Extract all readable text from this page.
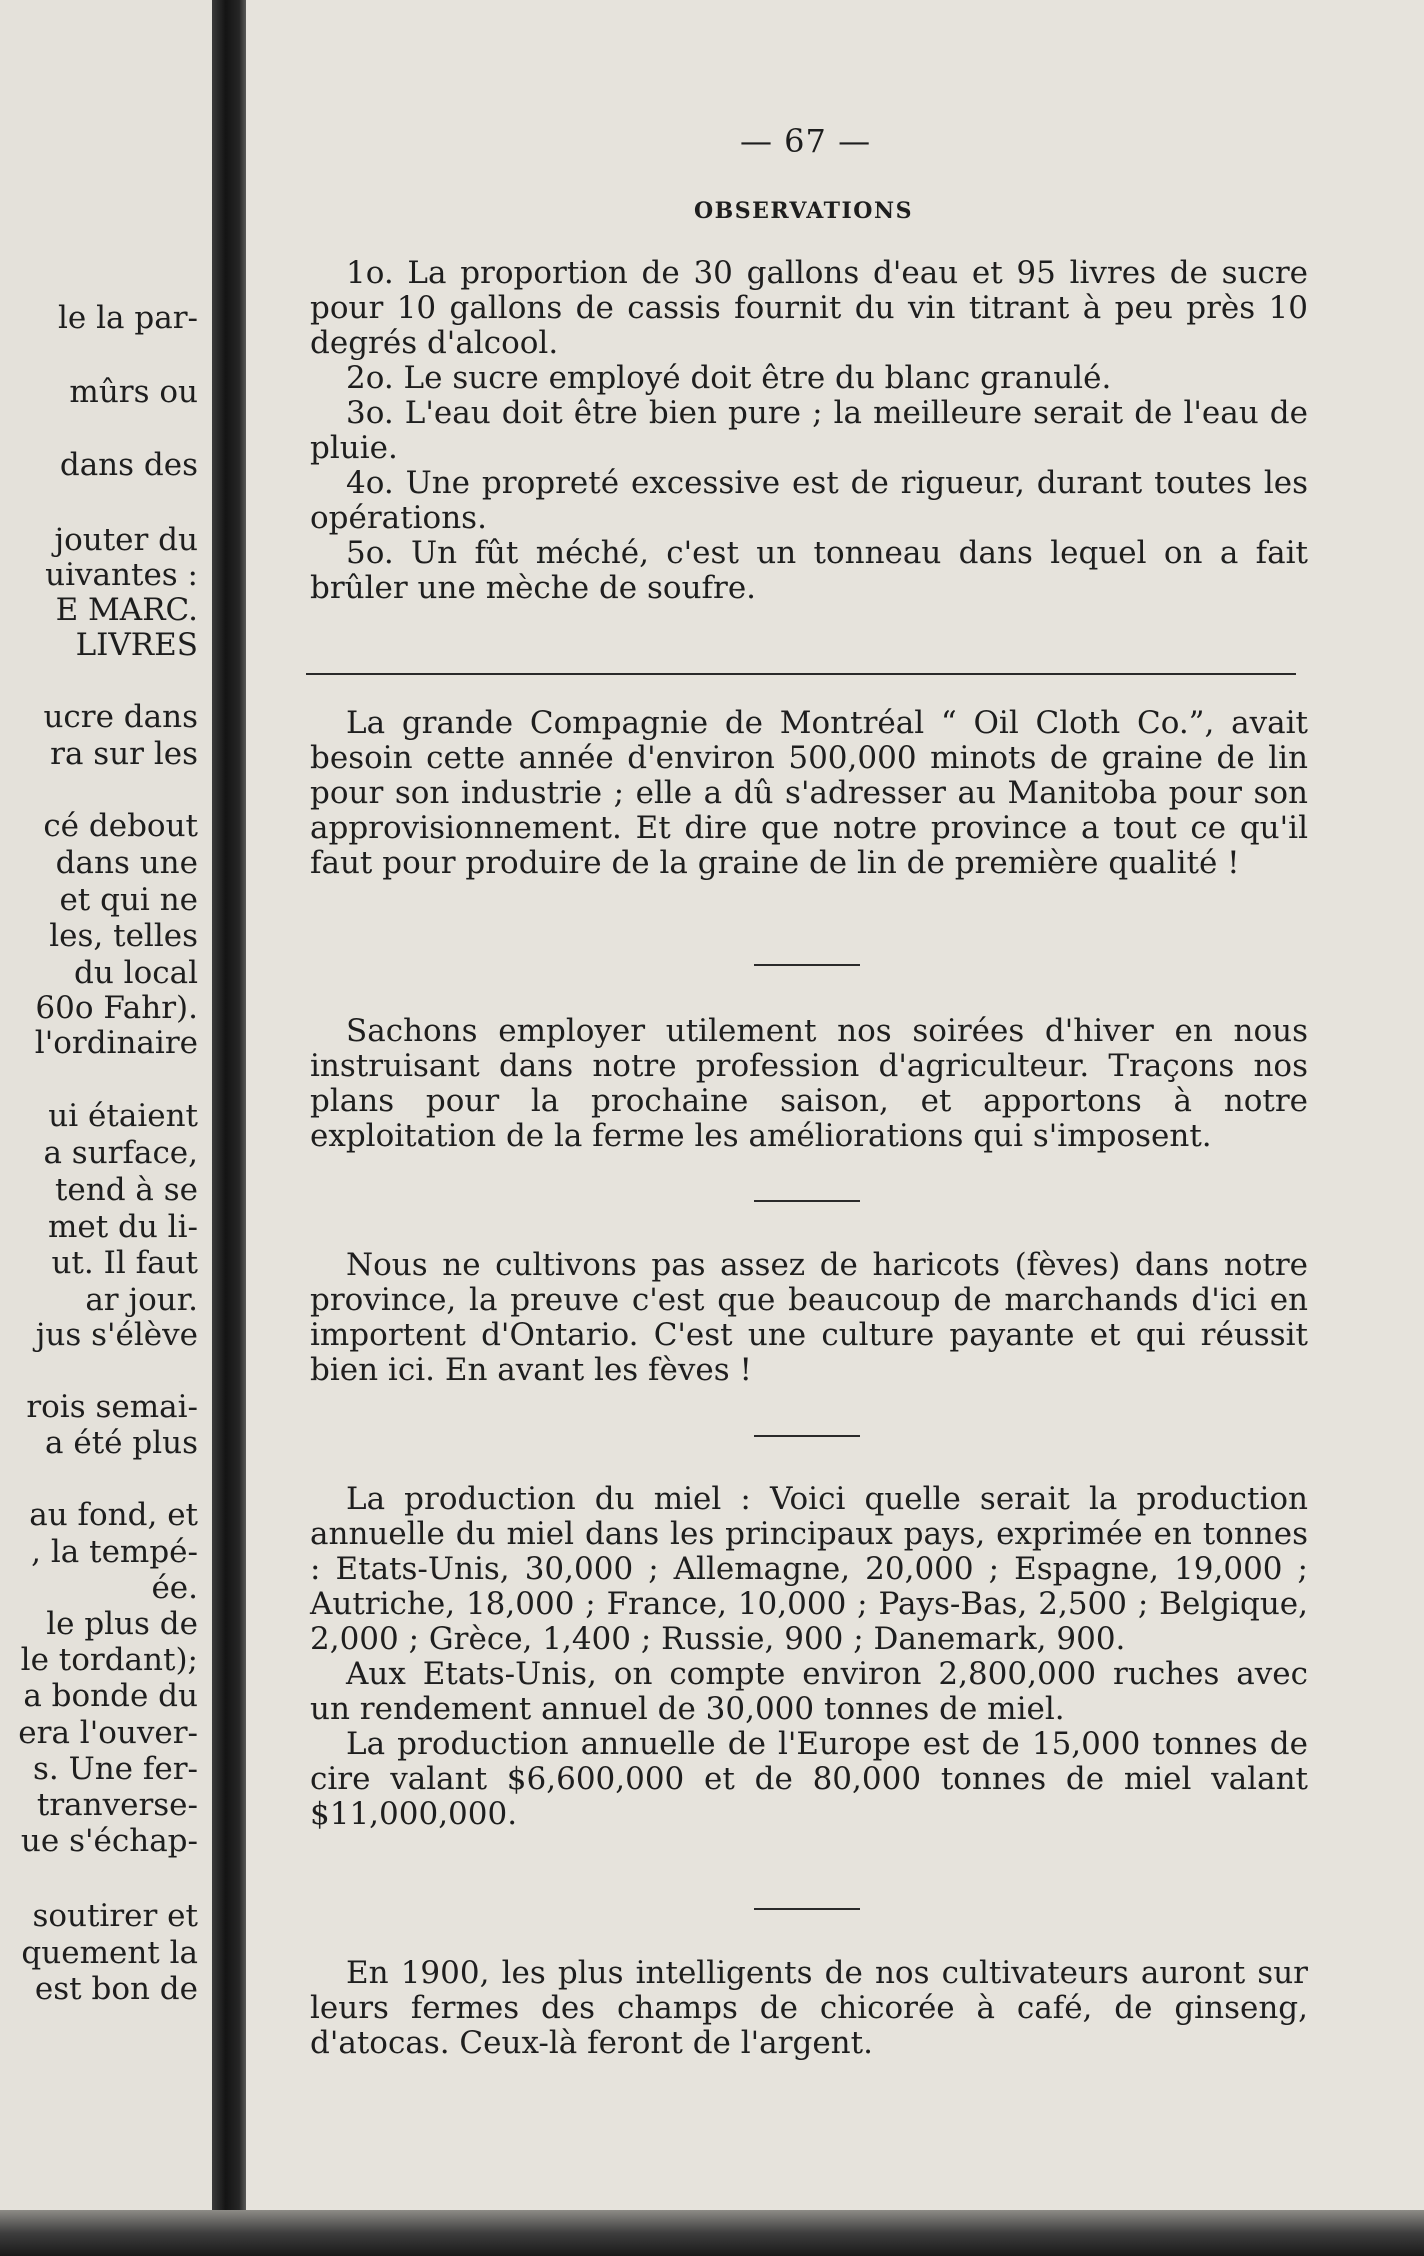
le la par-
mûrs ou
dans des
jouter du
uivantes :
E MARC.
LIVRES
ucre dans
ra sur les
cé debout
dans une
et qui ne
les, telles
du local
60o Fahr).
l'ordinaire
ui étaient
a surface,
tend à se
met du li-
ut. Il faut
ar jour.
jus s'élève
rois semai-
a été plus
au fond, et
, la tempé-
ée.
le plus de
le tordant);
a bonde du
era l'ouver-
s. Une fer-
tranverse-
ue s'échap-
soutirer et
quement la
est bon de
— 67 —
OBSERVATIONS

1o. La proportion de 30 gallons d'eau et 95 livres de sucre pour 10 gallons de cassis fournit du vin titrant à peu près 10 degrés d'alcool.

2o. Le sucre employé doit être du blanc granulé.

3o. L'eau doit être bien pure ; la meilleure serait de l'eau de pluie.

4o. Une propreté excessive est de rigueur, durant toutes les opérations.

5o. Un fût méché, c'est un tonneau dans lequel on a fait brûler une mèche de soufre.

La grande Compagnie de Montréal “ Oil Cloth Co.”, avait besoin cette année d'environ 500,000 minots de graine de lin pour son industrie ; elle a dû s'adresser au Manitoba pour son approvisionnement. Et dire que notre province a tout ce qu'il faut pour produire de la graine de lin de première qualité !
Sachons employer utilement nos soirées d'hiver en nous instruisant dans notre profession d'agriculteur. Traçons nos plans pour la prochaine saison, et apportons à notre exploitation de la ferme les améliorations qui s'imposent.
Nous ne cultivons pas assez de haricots (fèves) dans notre province, la preuve c'est que beaucoup de marchands d'ici en importent d'Ontario. C'est une culture payante et qui réussit bien ici. En avant les fèves !

La production du miel : Voici quelle serait la production annuelle du miel dans les principaux pays, exprimée en tonnes : Etats-Unis, 30,000 ; Allemagne, 20,000 ; Espagne, 19,000 ; Autriche, 18,000 ; France, 10,000 ; Pays-Bas, 2,500 ; Belgique, 2,000 ; Grèce, 1,400 ; Russie, 900 ; Danemark, 900.

Aux Etats-Unis, on compte environ 2,800,000 ruches avec un rendement annuel de 30,000 tonnes de miel.

La production annuelle de l'Europe est de 15,000 tonnes de cire valant $6,600,000 et de 80,000 tonnes de miel valant $11,000,000.

En 1900, les plus intelligents de nos cultivateurs auront sur leurs fermes des champs de chicorée à café, de ginseng, d'atocas. Ceux-là feront de l'argent.
